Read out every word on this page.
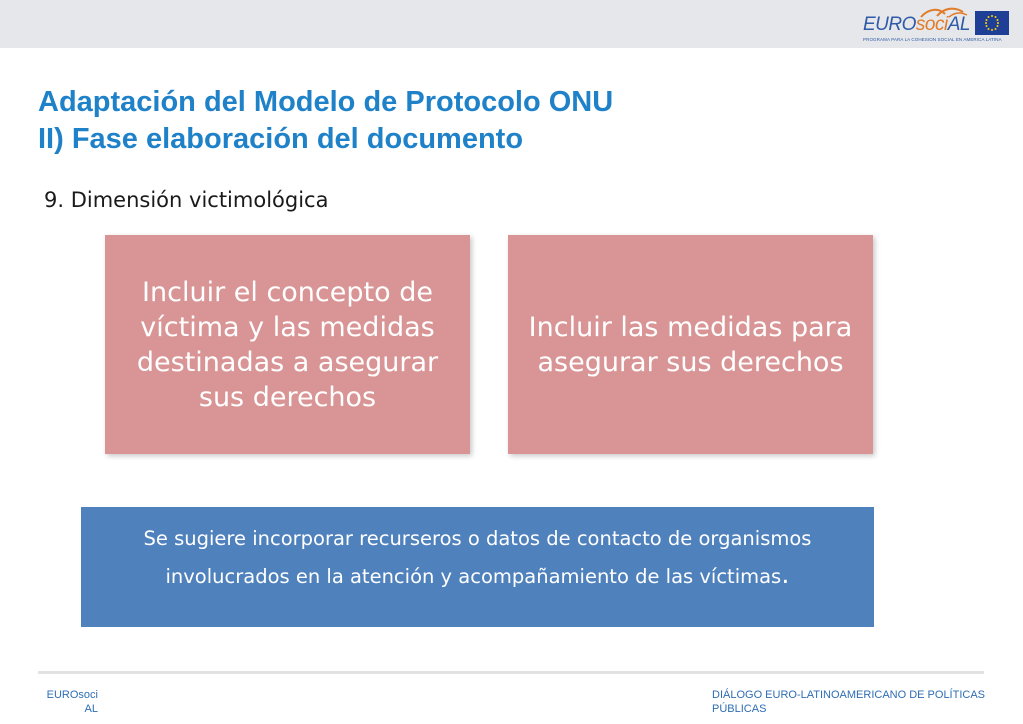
EUROsociAL
PROGRAMA PARA LA COHESION SOCIAL EN AMERICA LATINA
Adaptación del Modelo de Protocolo ONU
II) Fase elaboración del documento
9. Dimensión victimológica
Incluir el concepto de víctima y las medidas destinadas a asegurar sus derechos
Incluir las medidas para asegurar sus derechos
Se sugiere incorporar recurseros o datos de contacto de organismos involucrados en la atención y acompañamiento de las víctimas.
EUROsociAL
DIÁLOGO EURO-LATINOAMERICANO DE POLÍTICAS PÚBLICAS
